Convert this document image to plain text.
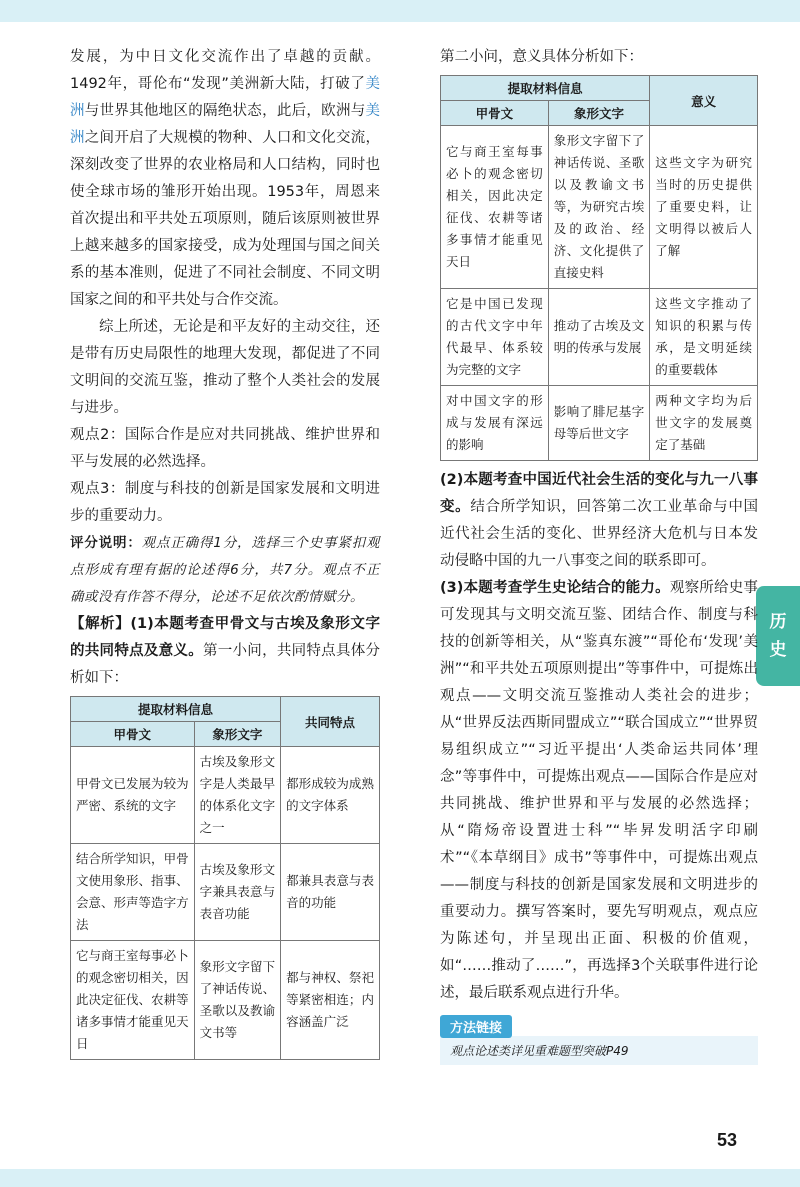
历
史

发展，为中日文化交流作出了卓越的贡献。1492年，哥伦布“发现”美洲新大陆，打破了美洲与世界其他地区的隔绝状态，此后，欧洲与美洲之间开启了大规模的物种、人口和文化交流，深刻改变了世界的农业格局和人口结构，同时也使全球市场的雏形开始出现。1953年，周恩来首次提出和平共处五项原则，随后该原则被世界上越来越多的国家接受，成为处理国与国之间关系的基本准则，促进了不同社会制度、不同文明国家之间的和平共处与合作交流。

综上所述，无论是和平友好的主动交往，还是带有历史局限性的地理大发现，都促进了不同文明间的交流互鉴，推动了整个人类社会的发展与进步。

观点2：国际合作是应对共同挑战、维护世界和平与发展的必然选择。

观点3：制度与科技的创新是国家发展和文明进步的重要动力。

评分说明：观点正确得1分，选择三个史事紧扣观点形成有理有据的论述得6分，共7分。观点不正确或没有作答不得分，论述不足依次酌情赋分。

【解析】(1)本题考查甲骨文与古埃及象形文字的共同特点及意义。第一小问，共同特点具体分析如下：

提取材料信息		共同特点
甲骨文	象形文字	
甲骨文已发展为较为严密、系统的文字	古埃及象形文字是人类最早的体系化文字之一	都形成较为成熟的文字体系
结合所学知识，甲骨文使用象形、指事、会意、形声等造字方法	古埃及象形文字兼具表意与表音功能	都兼具表意与表音的功能
它与商王室每事必卜的观念密切相关，因此决定征伐、农耕等诸多事情才能重见天日	象形文字留下了神话传说、圣歌以及教谕文书等	都与神权、祭祀等紧密相连；内容涵盖广泛

第二小问，意义具体分析如下：

提取材料信息		意义
甲骨文	象形文字	
它与商王室每事必卜的观念密切相关，因此决定征伐、农耕等诸多事情才能重见天日	象形文字留下了神话传说、圣歌以及教谕文书等，为研究古埃及的政治、经济、文化提供了直接史料	这些文字为研究当时的历史提供了重要史料，让文明得以被后人了解
它是中国已发现的古代文字中年代最早、体系较为完整的文字	推动了古埃及文明的传承与发展	这些文字推动了知识的积累与传承，是文明延续的重要载体
对中国文字的形成与发展有深远的影响	影响了腓尼基字母等后世文字	两种文字均为后世文字的发展奠定了基础

(2)本题考查中国近代社会生活的变化与九一八事变。结合所学知识，回答第二次工业革命与中国近代社会生活的变化、世界经济大危机与日本发动侵略中国的九一八事变之间的联系即可。

(3)本题考查学生史论结合的能力。观察所给史事可发现其与文明交流互鉴、团结合作、制度与科技的创新等相关，从“鉴真东渡”“哥伦布‘发现’美洲”“和平共处五项原则提出”等事件中，可提炼出观点——文明交流互鉴推动人类社会的进步；从“世界反法西斯同盟成立”“联合国成立”“世界贸易组织成立”“习近平提出‘人类命运共同体’理念”等事件中，可提炼出观点——国际合作是应对共同挑战、维护世界和平与发展的必然选择；从“隋炀帝设置进士科”“毕昇发明活字印刷术”“《本草纲目》成书”等事件中，可提炼出观点——制度与科技的创新是国家发展和文明进步的重要动力。撰写答案时，要先写明观点，观点应为陈述句，并呈现出正面、积极的价值观，如“……推动了……”，再选择3个关联事件进行论述，最后联系观点进行升华。

方法链接
观点论述类详见重难题型突破P49
53
